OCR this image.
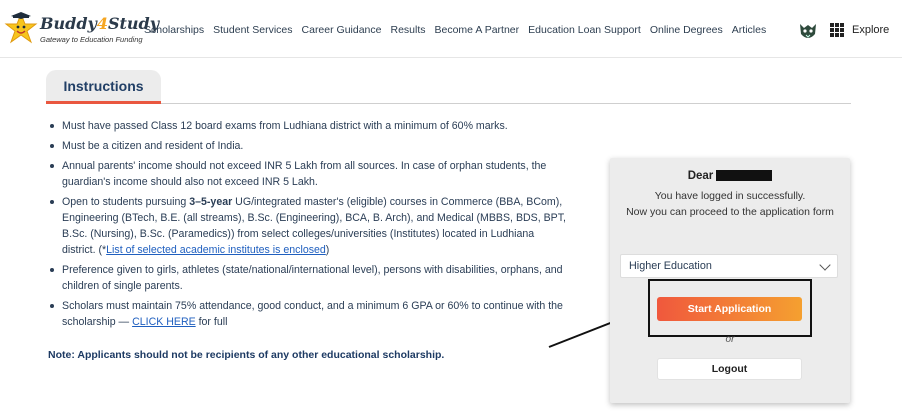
Buddy4Study
Gateway to Education Funding
Scholarships Student Services Career Guidance Results Become A Partner Education Loan Support Online Degrees Articles	Explore
Instructions
Must have passed Class 12 board exams from Ludhiana district with a minimum of 60% marks.
Must be a citizen and resident of India.
Annual parents' income should not exceed INR 5 Lakh from all sources. In case of orphan students, the guardian's income should also not exceed INR 5 Lakh.
Open to students pursuing 3–5-year UG/integrated master's (eligible) courses in Commerce (BBA, BCom), Engineering (BTech, B.E. (all streams), B.Sc. (Engineering), BCA, B. Arch), and Medical (MBBS, BDS, BPT, B.Sc. (Nursing), B.Sc. (Paramedics)) from select colleges/universities (Institutes) located in Ludhiana district. (*List of selected academic institutes is enclosed)
Preference given to girls, athletes (state/national/international level), persons with disabilities, orphans, and children of single parents.
Scholars must maintain 75% attendance, good conduct, and a minimum 6 GPA or 60% to continue with the scholarship — CLICK HERE for full
Note: Applicants should not be recipients of any other educational scholarship.
Dear
You have logged in successfully.
Now you can proceed to the application form
Higher Education
Start Application
or
Logout
